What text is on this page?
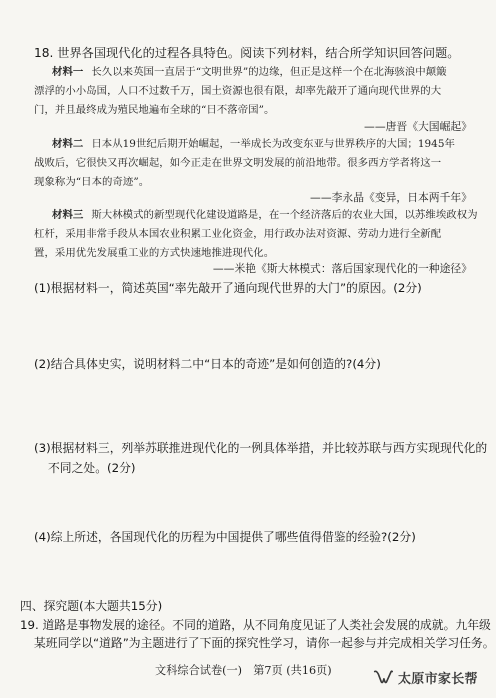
18. 世界各国现代化的过程各具特色。阅读下列材料，结合所学知识回答问题。
材料一 长久以来英国一直居于“文明世界”的边缘，但正是这样一个在北海骇浪中颠簸
漂浮的小小岛国，人口不过数千万，国土资源也很有限，却率先敲开了通向现代世界的大
门，并且最终成为殖民地遍布全球的“日不落帝国”。
——唐晋《大国崛起》
材料二 日本从19世纪后期开始崛起，一举成长为改变东亚与世界秩序的大国；1945年
战败后，它很快又再次崛起，如今正走在世界文明发展的前沿地带。很多西方学者将这一
现象称为“日本的奇迹”。
——李永晶《变异，日本两千年》
材料三 斯大林模式的新型现代化建设道路是，在一个经济落后的农业大国，以苏维埃政权为
杠杆，采用非常手段从本国农业积累工业化资金，用行政办法对资源、劳动力进行全新配
置，采用优先发展重工业的方式快速地推进现代化。
——米艳《斯大林模式：落后国家现代化的一种途径》
(1)根据材料一，简述英国“率先敲开了通向现代世界的大门”的原因。(2分)
(2)结合具体史实，说明材料二中“日本的奇迹”是如何创造的?(4分)
(3)根据材料三，列举苏联推进现代化的一例具体举措，并比较苏联与西方实现现代化的
不同之处。(2分)
(4)综上所述，各国现代化的历程为中国提供了哪些值得借鉴的经验?(2分)
四、探究题(本大题共15分)
19. 道路是事物发展的途径。不同的道路，从不同角度见证了人类社会发展的成就。九年级
某班同学以“道路”为主题进行了下面的探究性学习，请你一起参与并完成相关学习任务。
文科综合试卷(一)　第7页 (共16页)
太原市家长帮
